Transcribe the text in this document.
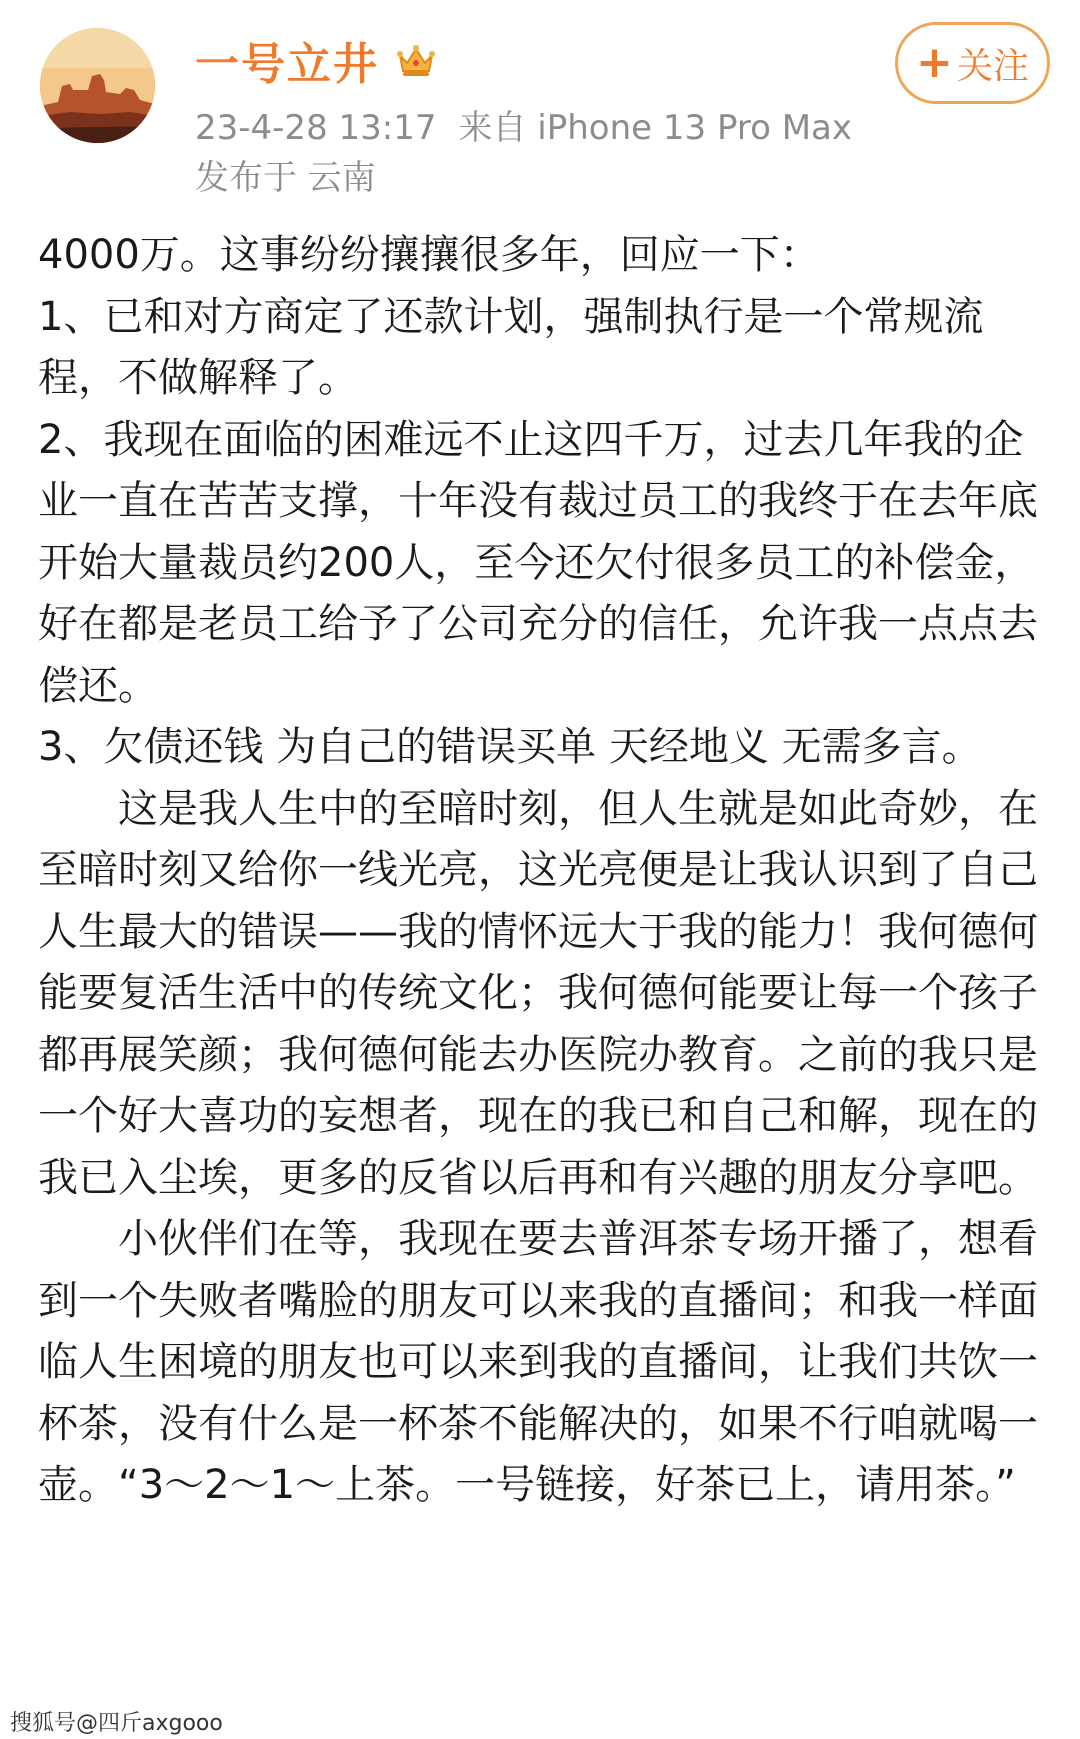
一号立井
23-4-28 13:17 来自 iPhone 13 Pro Max
发布于 云南
+ 关注

4000万。这事纷纷攘攘很多年，回应一下：

1、已和对方商定了还款计划，强制执行是一个常规流程，不做解释了。

2、我现在面临的困难远不止这四千万，过去几年我的企业一直在苦苦支撑，十年没有裁过员工的我终于在去年底开始大量裁员约200人，至今还欠付很多员工的补偿金，好在都是老员工给予了公司充分的信任，允许我一点点去偿还。

3、欠债还钱 为自己的错误买单 天经地义 无需多言。

这是我人生中的至暗时刻，但人生就是如此奇妙，在至暗时刻又给你一线光亮，这光亮便是让我认识到了自己人生最大的错误——我的情怀远大于我的能力！我何德何能要复活生活中的传统文化；我何德何能要让每一个孩子都再展笑颜；我何德何能去办医院办教育。之前的我只是一个好大喜功的妄想者，现在的我已和自己和解，现在的我已入尘埃，更多的反省以后再和有兴趣的朋友分享吧。

小伙伴们在等，我现在要去普洱茶专场开播了，想看到一个失败者嘴脸的朋友可以来我的直播间；和我一样面临人生困境的朋友也可以来到我的直播间，让我们共饮一杯茶，没有什么是一杯茶不能解决的，如果不行咱就喝一壶。“3～2～1～上茶。一号链接，好茶已上，请用茶。”

搜狐号@四斤axgooo
